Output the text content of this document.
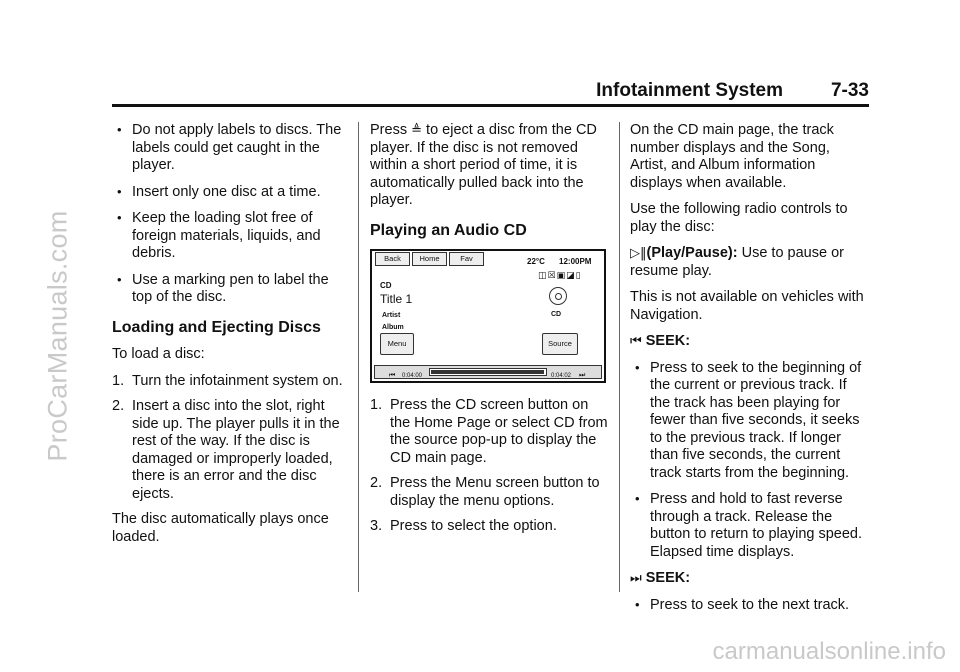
ProCarManuals.com
carmanualsonline.info
Infotainment System	7-33
• Do not apply labels to discs. The labels could get caught in the player.
• Insert only one disc at a time.
• Keep the loading slot free of foreign materials, liquids, and debris.
• Use a marking pen to label the top of the disc.
Loading and Ejecting Discs

To load a disc:

1. Turn the infotainment system on.
2. Insert a disc into the slot, right side up. The player pulls it in the rest of the way. If the disc is damaged or improperly loaded, there is an error and the disc ejects.

The disc automatically plays once loaded.

Press ≜ to eject a disc from the CD player. If the disc is not removed within a short period of time, it is automatically pulled back into the player.

Playing an Audio CD
Back	Home	Fav	22°C 12:00PM
◫☒▣◪▯
CD
Title 1
Artist
Album
CD
Menu	Source
⏮ 0:04:00	0:04:02 ⏭
1. Press the CD screen button on the Home Page or select CD from the source pop-up to display the CD main page.
2. Press the Menu screen button to display the menu options.
3. Press to select the option.

On the CD main page, the track number displays and the Song, Artist, and Album information displays when available.

Use the following radio controls to play the disc:

▷‖(Play/Pause): Use to pause or resume play.

This is not available on vehicles with Navigation.

⏮ SEEK:

• Press to seek to the beginning of the current or previous track. If the track has been playing for fewer than five seconds, it seeks to the previous track. If longer than five seconds, the current track starts from the beginning.
• Press and hold to fast reverse through a track. Release the button to return to playing speed. Elapsed time displays.

⏭ SEEK:

• Press to seek to the next track.
